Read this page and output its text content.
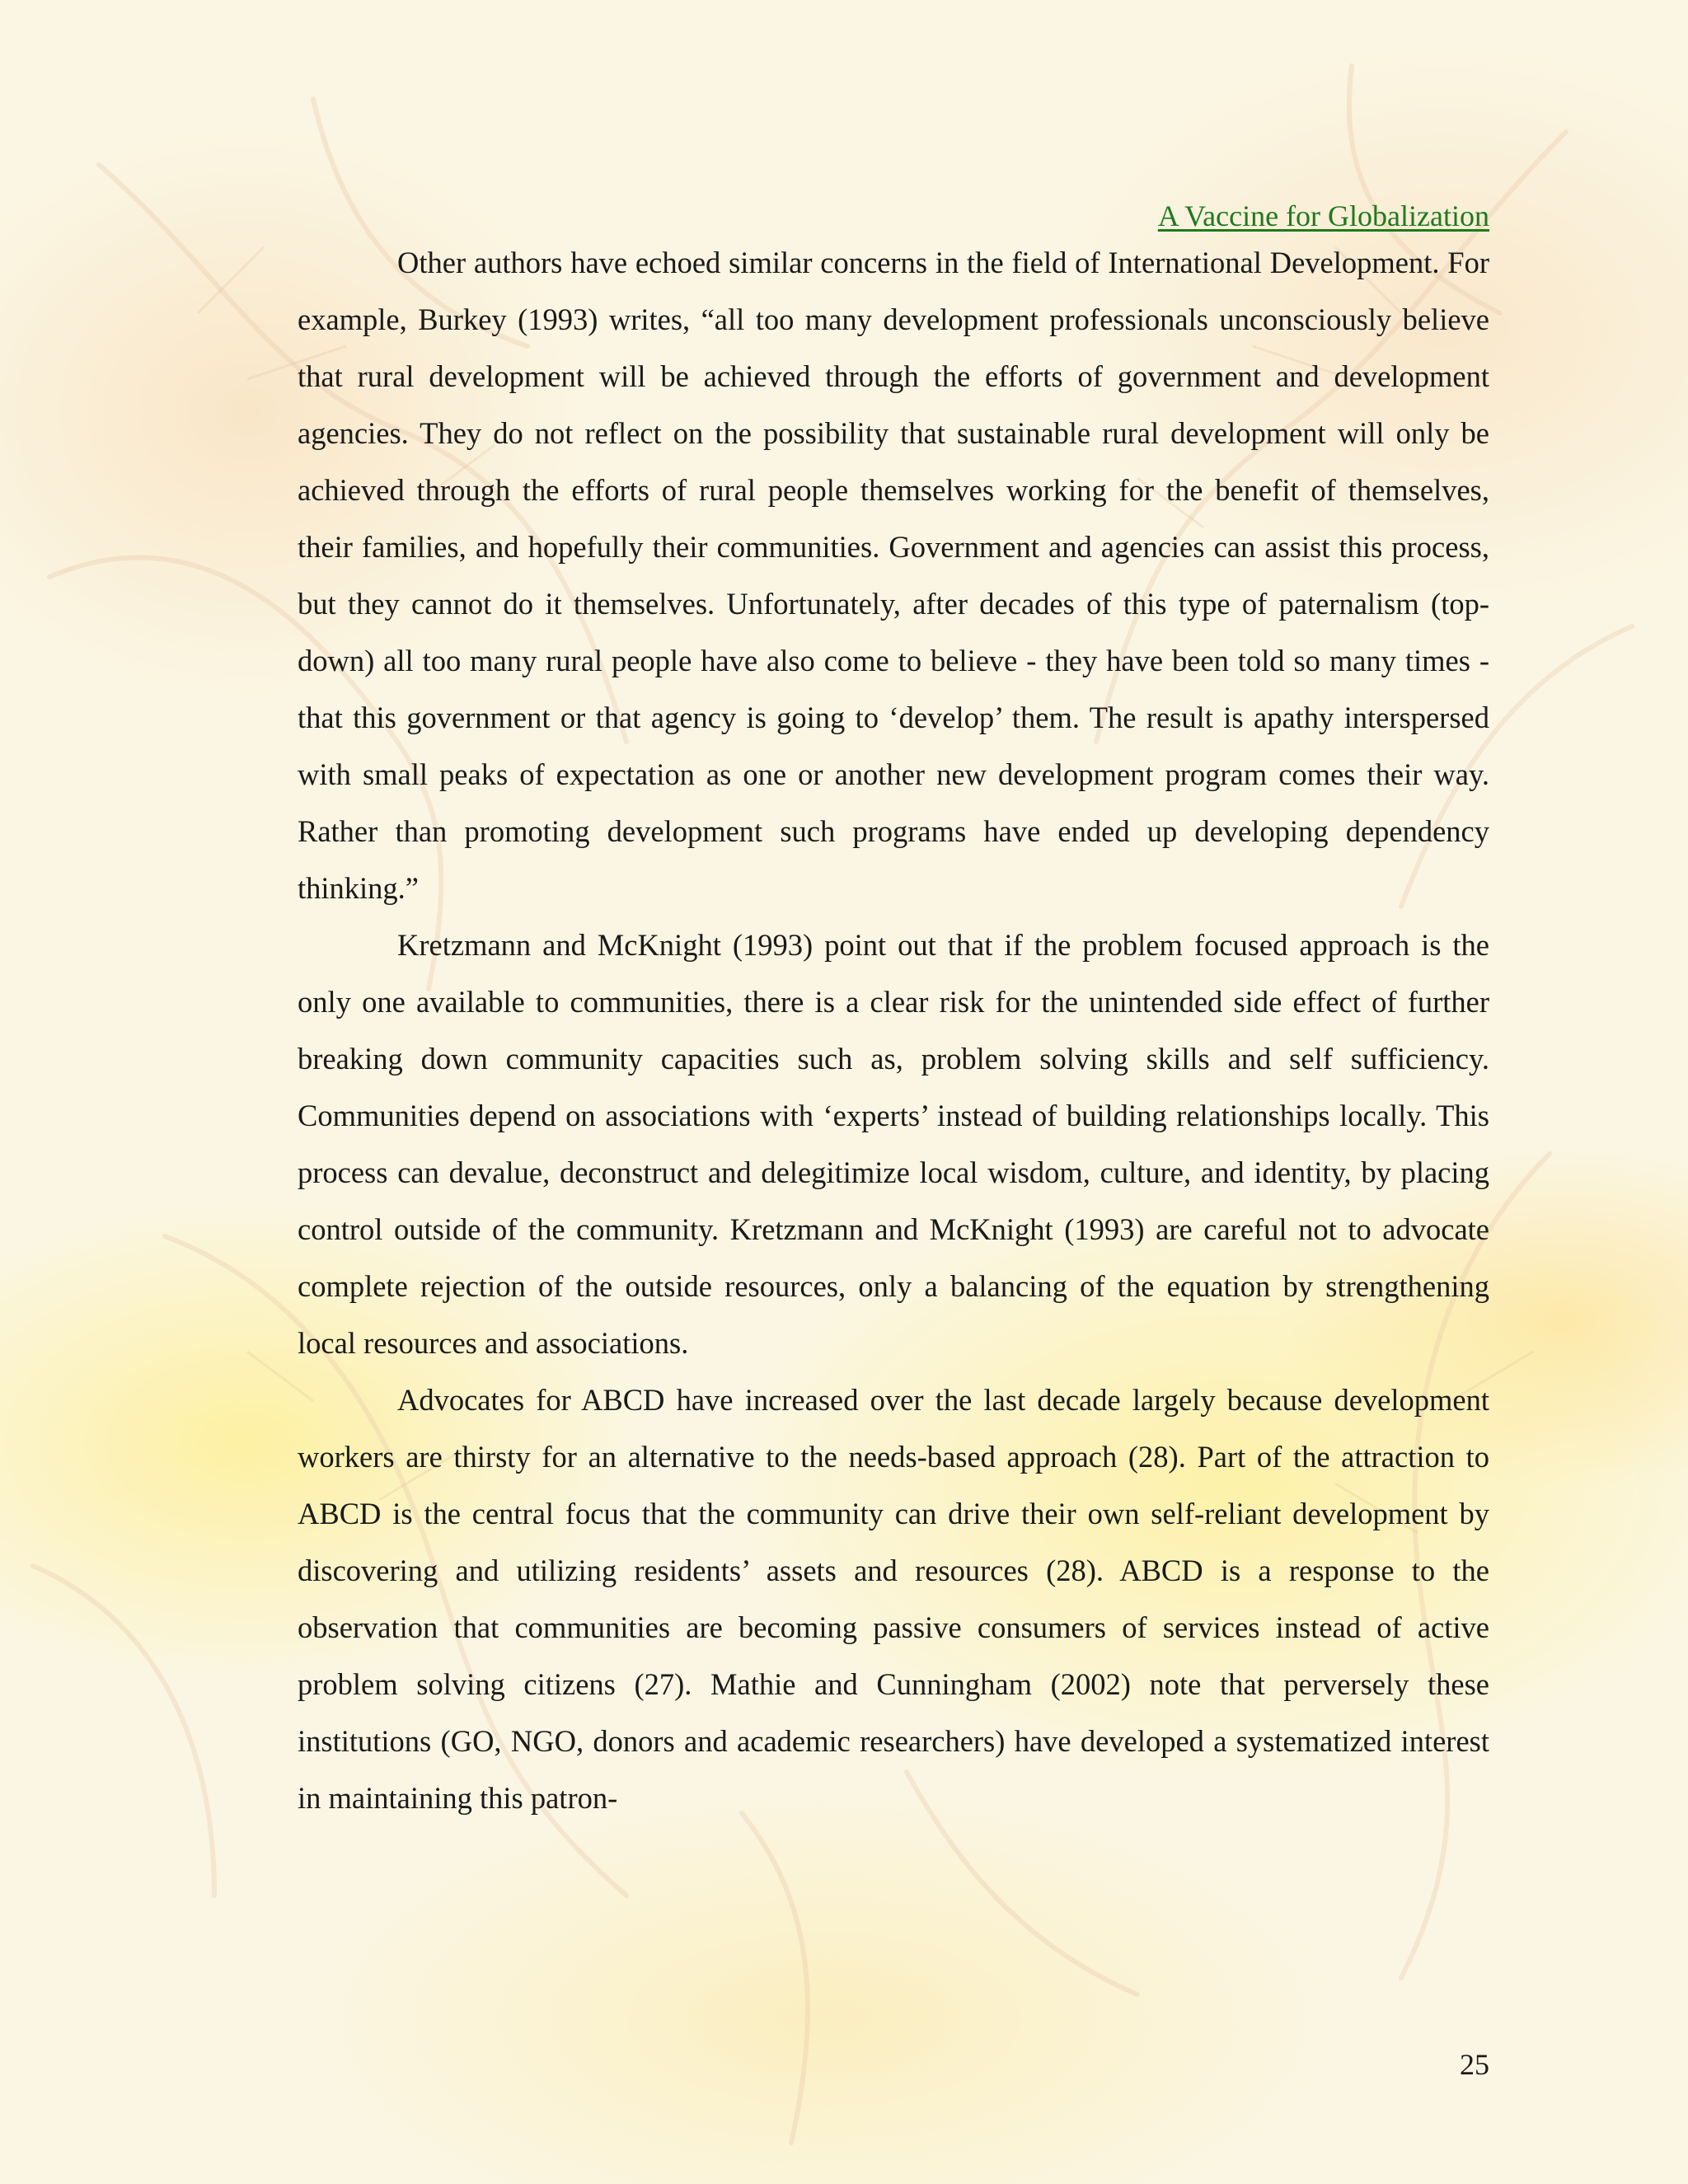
A Vaccine for Globalization

Other authors have echoed similar concerns in the field of International Development. For example, Burkey (1993) writes, “all too many development professionals unconsciously believe that rural development will be achieved through the efforts of government and development agencies. They do not reflect on the possibility that sustainable rural development will only be achieved through the efforts of rural people themselves working for the benefit of themselves, their families, and hopefully their communities. Government and agencies can assist this process, but they cannot do it themselves. Unfortunately, after decades of this type of paternalism (top-down) all too many rural people have also come to believe - they have been told so many times - that this government or that agency is going to ‘develop’ them. The result is apathy interspersed with small peaks of expectation as one or another new development program comes their way. Rather than promoting development such programs have ended up developing dependency thinking.”

Kretzmann and McKnight (1993) point out that if the problem focused approach is the only one available to communities, there is a clear risk for the unintended side effect of further breaking down community capacities such as, problem solving skills and self sufficiency. Communities depend on associations with ‘experts’ instead of building relationships locally. This process can devalue, deconstruct and delegitimize local wisdom, culture, and identity, by placing control outside of the community. Kretzmann and McKnight (1993) are careful not to advocate complete rejection of the outside resources, only a balancing of the equation by strengthening local resources and associations.

Advocates for ABCD have increased over the last decade largely because development workers are thirsty for an alternative to the needs-based approach (28). Part of the attraction to ABCD is the central focus that the community can drive their own self-reliant development by discovering and utilizing residents’ assets and resources (28). ABCD is a response to the observation that communities are becoming passive consumers of services instead of active problem solving citizens (27). Mathie and Cunningham (2002) note that perversely these institutions (GO, NGO, donors and academic researchers) have developed a systematized interest in maintaining this patron-

25
